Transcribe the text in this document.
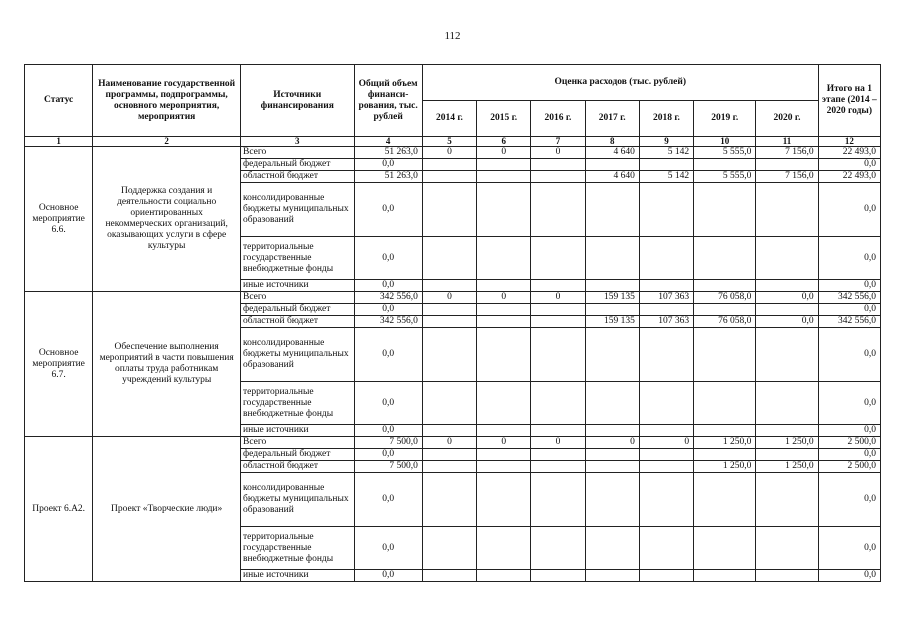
112
Статус	Наименование государственной программы, подпрограммы, основного мероприятия, мероприятия	Источники финансирования	Общий объем финанси-рования, тыс. рублей	Оценка расходов (тыс. рублей)							Итого на 1 этапе (2014 – 2020 годы)
				2014 г.	2015 г.	2016 г.	2017 г.	2018 г.	2019 г.	2020 г.	
1	2	3	4	5	6	7	8	9	10	11	12
Основное мероприятие 6.6.	Поддержка создания и деятельности социально ориентированных некоммерческих организаций, оказывающих услуги в сфере культуры	Всего	51 263,0	0	0	0	4 640	5 142	5 555,0	7 156,0	22 493,0
		федеральный бюджет	0,0								0,0
		областной бюджет	51 263,0				4 640	5 142	5 555,0	7 156,0	22 493,0
		консолидированные бюджеты муниципальных образований	0,0								0,0
		территориальные государственные внебюджетные фонды	0,0								0,0
		иные источники	0,0								0,0
Основное мероприятие 6.7.	Обеспечение выполнения мероприятий в части повышения оплаты труда работникам учреждений культуры	Всего	342 556,0	0	0	0	159 135	107 363	76 058,0	0,0	342 556,0
		федеральный бюджет	0,0								0,0
		областной бюджет	342 556,0				159 135	107 363	76 058,0	0,0	342 556,0
		консолидированные бюджеты муниципальных образований	0,0								0,0
		территориальные государственные внебюджетные фонды	0,0								0,0
		иные источники	0,0								0,0
Проект 6.А2.	Проект «Творческие люди»	Всего	7 500,0	0	0	0	0	0	1 250,0	1 250,0	2 500,0
		федеральный бюджет	0,0								0,0
		областной бюджет	7 500,0						1 250,0	1 250,0	2 500,0
		консолидированные бюджеты муниципальных образований	0,0								0,0
		территориальные государственные внебюджетные фонды	0,0								0,0
		иные источники	0,0								0,0
